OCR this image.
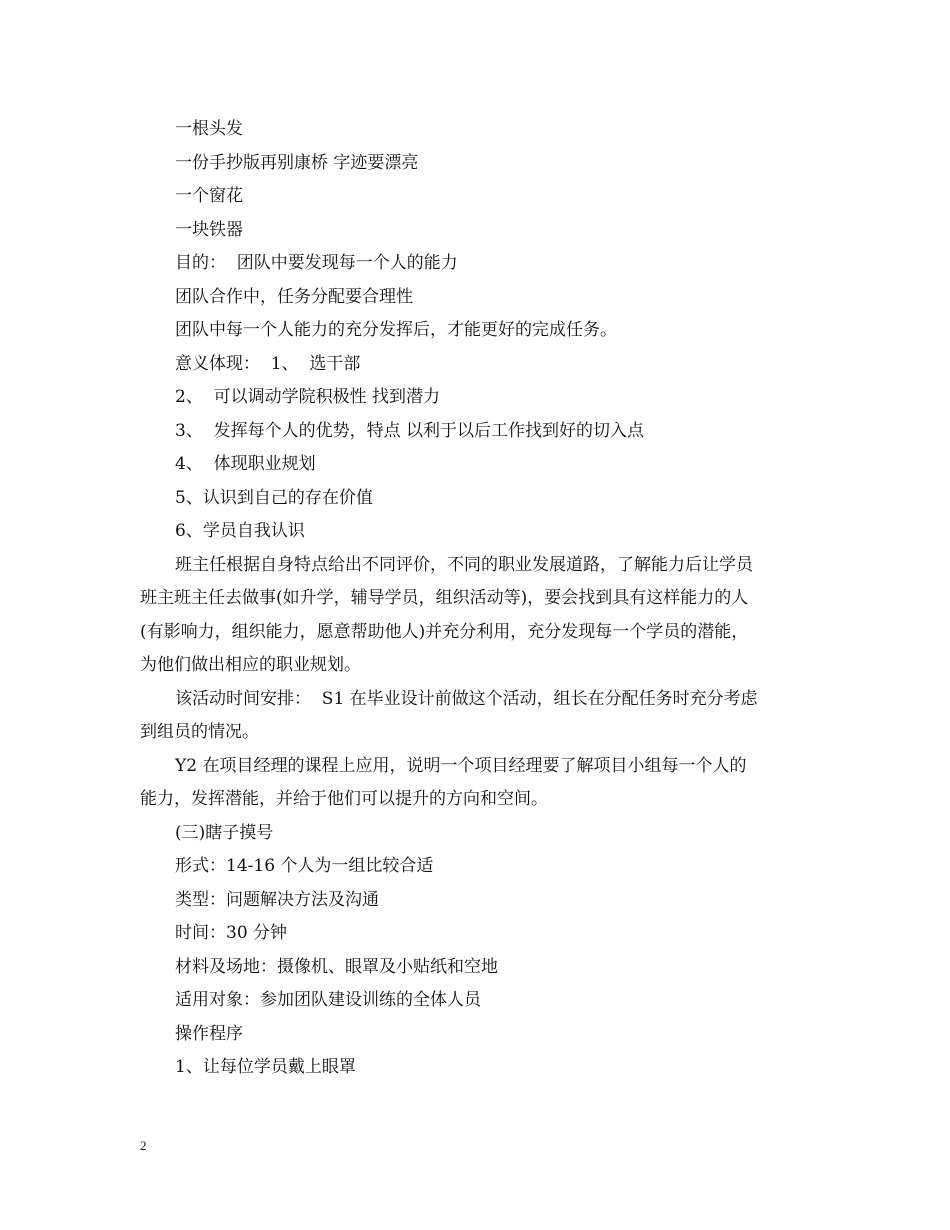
一根头发

一份手抄版再别康桥 字迹要漂亮

一个窗花

一块铁器

目的：  团队中要发现每一个人的能力

团队合作中，任务分配要合理性

团队中每一个人能力的充分发挥后，才能更好的完成任务。

意义体现：  1、  选干部

2、  可以调动学院积极性 找到潜力

3、  发挥每个人的优势，特点 以利于以后工作找到好的切入点

4、  体现职业规划

5、认识到自己的存在价值

6、学员自我认识

班主任根据自身特点给出不同评价，不同的职业发展道路，了解能力后让学员

班主班主任去做事(如升学，辅导学员，组织活动等)，要会找到具有这样能力的人

(有影响力，组织能力，愿意帮助他人)并充分利用，充分发现每一个学员的潜能，

为他们做出相应的职业规划。

该活动时间安排：  S1 在毕业设计前做这个活动，组长在分配任务时充分考虑

到组员的情况。

Y2 在项目经理的课程上应用，说明一个项目经理要了解项目小组每一个人的

能力，发挥潜能，并给于他们可以提升的方向和空间。

(三)瞎子摸号

形式：14-16 个人为一组比较合适

类型：问题解决方法及沟通

时间：30 分钟

材料及场地：摄像机、眼罩及小贴纸和空地

适用对象：参加团队建设训练的全体人员

操作程序

1、让每位学员戴上眼罩

2
